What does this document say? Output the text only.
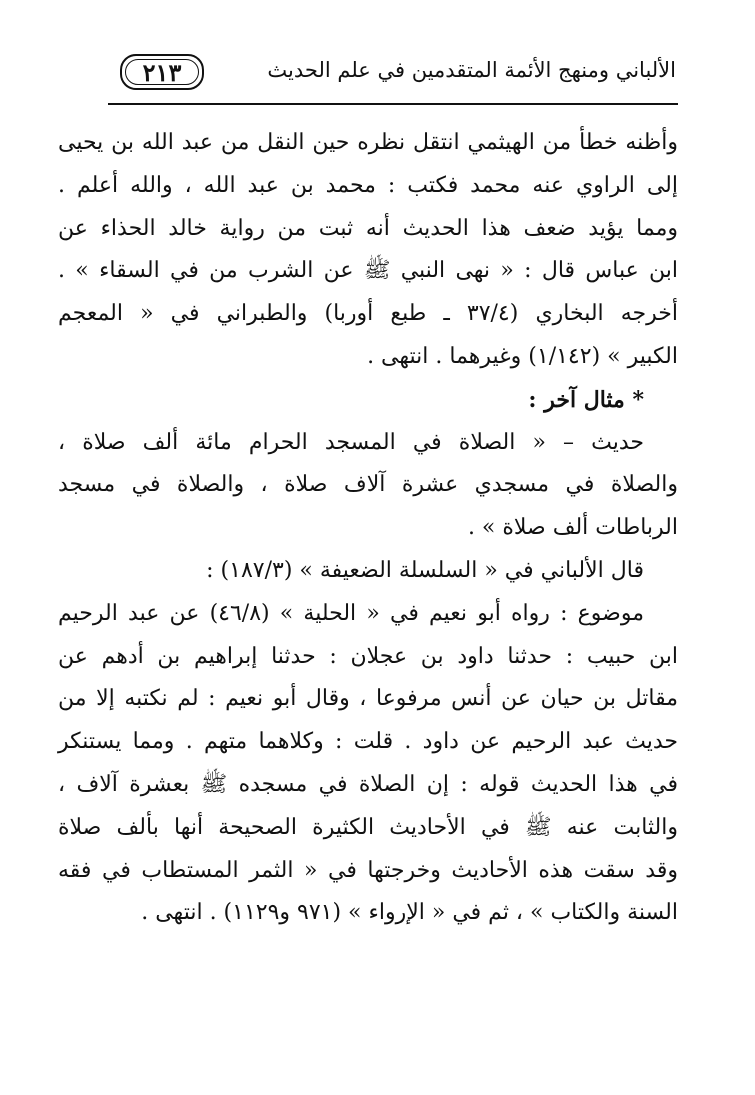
٢١٣	الألباني ومنهج الأئمة المتقدمين في علم الحديث
وأظنه خطأ من الهيثمي انتقل نظره حين النقل من عبد الله بن يحيى
إلى الراوي عنه محمد فكتب : محمد بن عبد الله ، والله أعلم .
ومما يؤيد ضعف هذا الحديث أنه ثبت من رواية خالد الحذاء عن
ابن عباس قال : « نهى النبي ﷺ عن الشرب من في السقاء » .
أخرجه البخاري (٣٧/٤ ـ طبع أوربا) والطبراني في « المعجم
الكبير » (١/١٤٢) وغيرهما . انتهى .
* مثال آخر :
حديث – « الصلاة في المسجد الحرام مائة ألف صلاة ،
والصلاة في مسجدي عشرة آلاف صلاة ، والصلاة في مسجد
الرباطات ألف صلاة » .
قال الألباني في « السلسلة الضعيفة » (١٨٧/٣) :
موضوع : رواه أبو نعيم في « الحلية » (٤٦/٨) عن عبد الرحيم
ابن حبيب : حدثنا داود بن عجلان : حدثنا إبراهيم بن أدهم عن
مقاتل بن حيان عن أنس مرفوعا ، وقال أبو نعيم : لم نكتبه إلا من
حديث عبد الرحيم عن داود . قلت : وكلاهما متهم . ومما يستنكر
في هذا الحديث قوله : إن الصلاة في مسجده ﷺ بعشرة آلاف ،
والثابت عنه ﷺ في الأحاديث الكثيرة الصحيحة أنها بألف صلاة
وقد سقت هذه الأحاديث وخرجتها في « الثمر المستطاب في فقه
السنة والكتاب » ، ثم في « الإرواء » (٩٧١ و١١٢٩) . انتهى .
